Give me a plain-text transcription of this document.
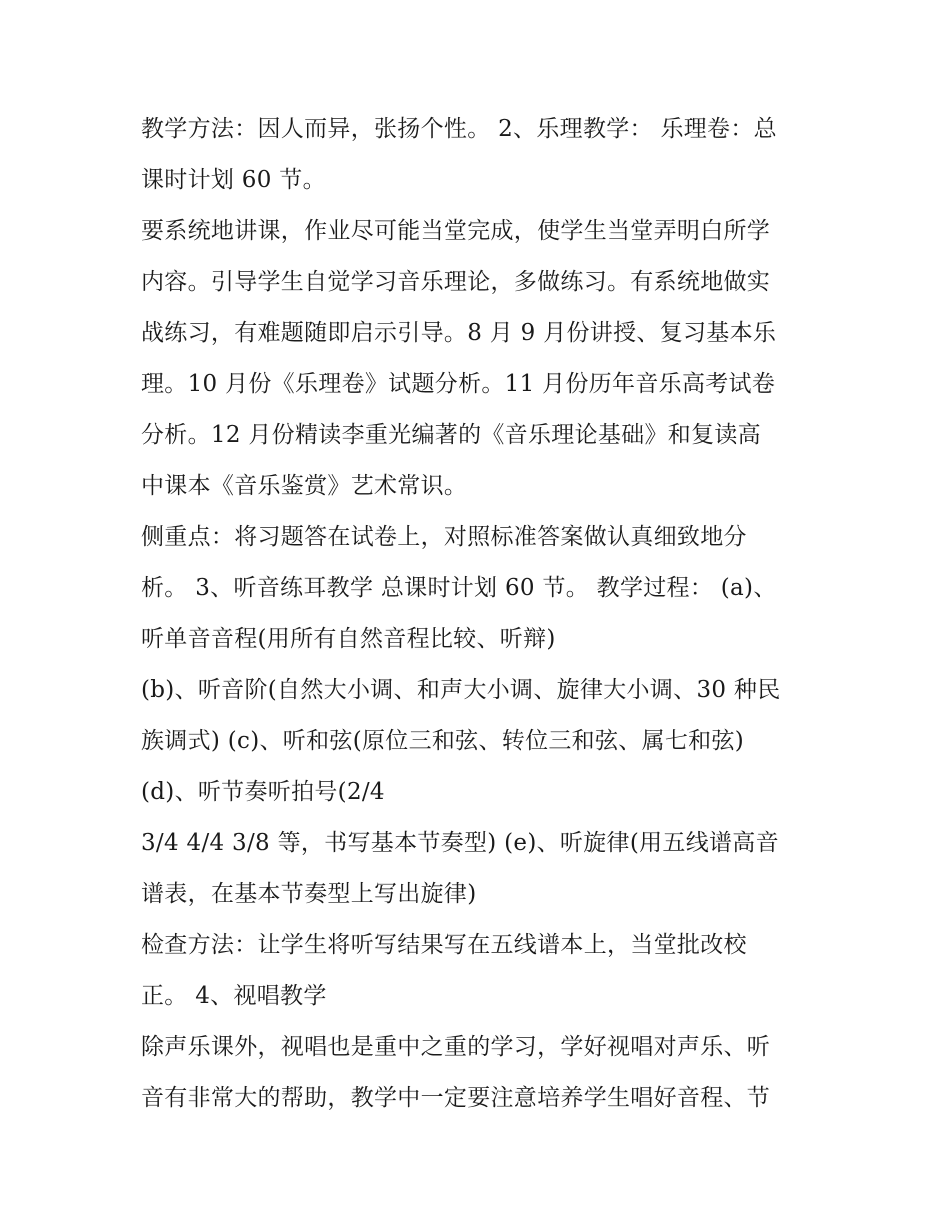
教学方法：因人而异，张扬个性。 2、乐理教学： 乐理卷：总
课时计划 60 节。
要系统地讲课，作业尽可能当堂完成，使学生当堂弄明白所学
内容。引导学生自觉学习音乐理论，多做练习。有系统地做实
战练习，有难题随即启示引导。8 月 9 月份讲授、复习基本乐
理。10 月份《乐理卷》试题分析。11 月份历年音乐高考试卷
分析。12 月份精读李重光编著的《音乐理论基础》和复读高
中课本《音乐鉴赏》艺术常识。
侧重点：将习题答在试卷上，对照标准答案做认真细致地分
析。 3、听音练耳教学 总课时计划 60 节。 教学过程： (a)、
听单音音程(用所有自然音程比较、听辩)
(b)、听音阶(自然大小调、和声大小调、旋律大小调、30 种民
族调式) (c)、听和弦(原位三和弦、转位三和弦、属七和弦)
(d)、听节奏听拍号(2/4
3/4 4/4 3/8 等，书写基本节奏型) (e)、听旋律(用五线谱高音
谱表，在基本节奏型上写出旋律)
检查方法：让学生将听写结果写在五线谱本上，当堂批改校
正。 4、视唱教学
除声乐课外，视唱也是重中之重的学习，学好视唱对声乐、听
音有非常大的帮助，教学中一定要注意培养学生唱好音程、节
